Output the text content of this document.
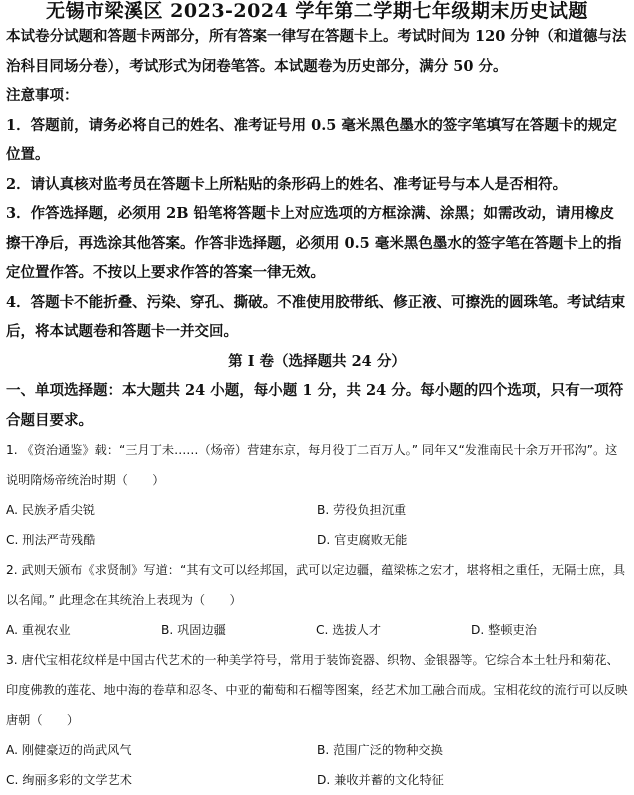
无锡市梁溪区 2023-2024 学年第二学期七年级期末历史试题
本试卷分试题和答题卡两部分，所有答案一律写在答题卡上。考试时间为 120 分钟（和道德与法治科目同场分卷），考试形式为闭卷笔答。本试题卷为历史部分，满分 50 分。
注意事项：
1．答题前，请务必将自己的姓名、准考证号用 0.5 毫米黑色墨水的签字笔填写在答题卡的规定位置。
2．请认真核对监考员在答题卡上所粘贴的条形码上的姓名、准考证号与本人是否相符。
3．作答选择题，必须用 2B 铅笔将答题卡上对应选项的方框涂满、涂黑；如需改动，请用橡皮擦干净后，再选涂其他答案。作答非选择题，必须用 0.5 毫米黑色墨水的签字笔在答题卡上的指定位置作答。不按以上要求作答的答案一律无效。
4．答题卡不能折叠、污染、穿孔、撕破。不准使用胶带纸、修正液、可擦洗的圆珠笔。考试结束后，将本试题卷和答题卡一并交回。
第 I 卷（选择题共 24 分）
一、单项选择题：本大题共 24 小题，每小题 1 分，共 24 分。每小题的四个选项，只有一项符合题目要求。
1. 《资治通鉴》载：“三月丁未……（炀帝）营建东京，每月役丁二百万人。” 同年又“发淮南民十余万开邗沟”。这说明隋炀帝统治时期（　　）
A. 民族矛盾尖锐	B. 劳役负担沉重
C. 刑法严苛残酷	D. 官吏腐败无能
2. 武则天颁布《求贤制》写道：“其有文可以经邦国，武可以定边疆，蕴梁栋之宏才，堪将相之重任，无隔士庶，具以名闻。” 此理念在其统治上表现为（　　）
A. 重视农业	B. 巩固边疆	C. 选拔人才	D. 整顿吏治
3. 唐代宝相花纹样是中国古代艺术的一种美学符号，常用于装饰瓷器、织物、金银器等。它综合本土牡丹和菊花、印度佛教的莲花、地中海的卷草和忍冬、中亚的葡萄和石榴等图案，经艺术加工融合而成。宝相花纹的流行可以反映唐朝（　　）
A. 刚健豪迈的尚武风气	B. 范围广泛的物种交换
C. 绚丽多彩的文学艺术	D. 兼收并蓄的文化特征
